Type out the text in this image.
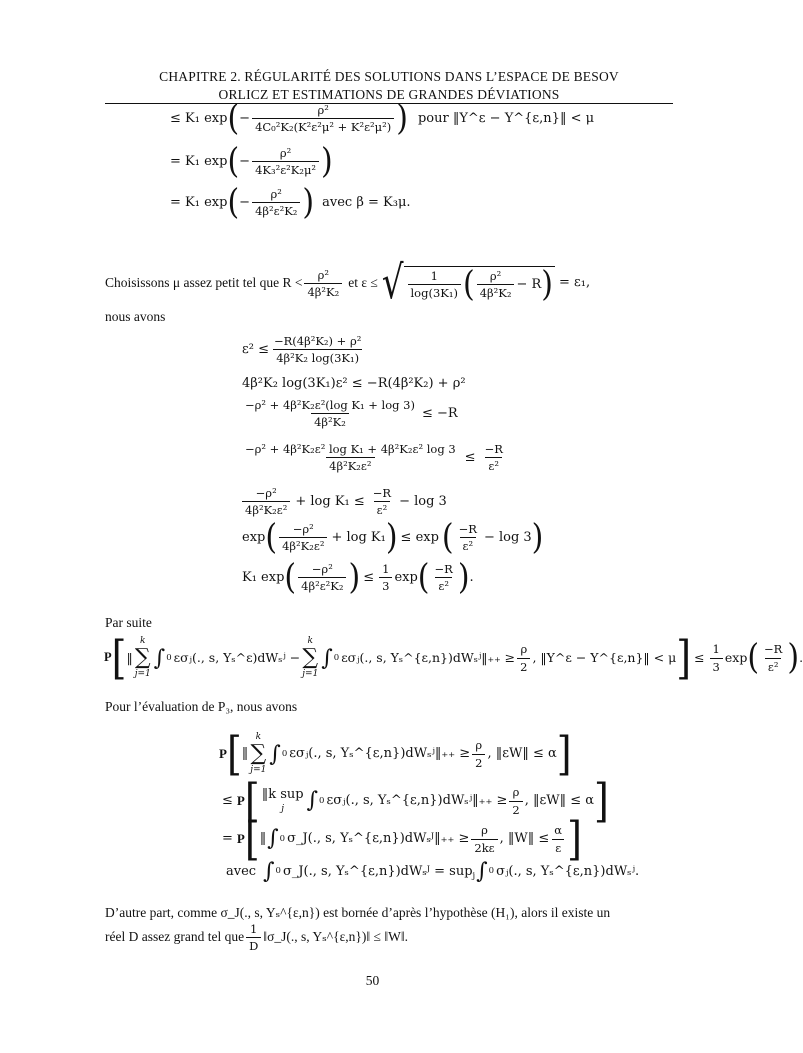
CHAPITRE 2. RÉGULARITÉ DES SOLUTIONS DANS L’ESPACE DE BESOV
ORLICZ ET ESTIMATIONS DE GRANDES DÉVIATIONS
≤ K₁ exp ( − $\frac{\text{ρ²}}{\text{4C₀²K₂(K²ε²μ² + K²ε²μ²)}}$ ) pour ‖Y^ε − Y^{ε,n}‖ < μ
= K₁ exp ( − $\frac{\text{ρ²}}{\text{4K₃²ε²K₂μ²}}$ )
= K₁ exp ( − $\frac{\text{ρ²}}{\text{4β²ε²K₂}}$ ) avec β = K₃μ.
Choisissons μ assez petit tel que $R < \frac{\text{ρ²}}{\text{4β²K₂}}$ et ε ≤ √ $\frac{1}{\text{log(3K₁)}}$ ( $\frac{\text{ρ²}}{\text{4β²K₂}} - R$ ) = ε₁,
nous avons
$\varepsilon^2 \le \frac{\text{−R(4β²K₂) + ρ²}}{\text{4β²K₂ log(3K₁)}}$
4β²K₂ log(3K₁)ε² ≤ −R(4β²K₂) + ρ²
$\frac{\text{−ρ² + 4β²K₂ε²(log K₁ + log 3)}}{\text{4β²K₂}} \le -R$
$\frac{\text{−ρ² + 4β²K₂ε² log K₁ + 4β²K₂ε² log 3}}{\text{4β²K₂ε²}} \le \frac{-R}{\text{ε²}}$
$\frac{\text{−ρ²}}{\text{4β²K₂ε²}} + \log K_1 \le \frac{-R}{\text{ε²}} - \log 3$
exp ( $\frac{\text{−ρ²}}{\text{4β²K₂ε²}} + \log K_1$ ) ≤ exp ( $\frac{-R}{\text{ε²}} - \log 3$ )
K₁ exp ( $\frac{\text{−ρ²}}{\text{4β²ε²K₂}}$ ) ≤ $\frac{1}{3}$ exp ( $\frac{-R}{\text{ε²}}$ ) .
Par suite
P [ ‖
k
∑
j=1
∫ 0 εσⱼ(., s, Yₛ^ε)dWₛʲ −
k
∑
j=1
∫ 0 εσⱼ(., s, Yₛ^{ε,n})dWₛʲ‖₊₊ ≥ $\frac{\rho}{2}$ , ‖Y^ε − Y^{ε,n}‖ < μ ] ≤ $\frac{1}{3}$ exp ( $\frac{-R}{\text{ε²}}$ ) .
Pour l’évaluation de P₃, nous avons
P [ ‖
k
∑
j=1
∫ 0 εσⱼ(., s, Yₛ^{ε,n})dWₛʲ‖₊₊ ≥ $\frac{\rho}{2}$ , ‖εW‖ ≤ α ]
≤ P [ ‖k sup
j ∫ 0 εσⱼ(., s, Yₛ^{ε,n})dWₛʲ‖₊₊ ≥ $\frac{\rho}{2}$ , ‖εW‖ ≤ α ]
= P [ ‖ ∫ 0 σ_J(., s, Yₛ^{ε,n})dWₛᴶ‖₊₊ ≥ $\frac{\rho}{2k\varepsilon}$ , ‖W‖ ≤ $\frac{\alpha}{\varepsilon}$ ]
avec ∫ 0 σ_J(., s, Yₛ^{ε,n})dWₛᴶ = sup j ∫ 0 σⱼ(., s, Yₛ^{ε,n})dWₛʲ.
D’autre part, comme σ_J(., s, Yₛ^{ε,n}) est bornée d’après l’hypothèse (H₁), alors il existe un
réel D assez grand tel que $\frac{1}{D}$ ‖σ_J(., s, Yₛ^{ε,n})‖ ≤ ‖W‖.
50
